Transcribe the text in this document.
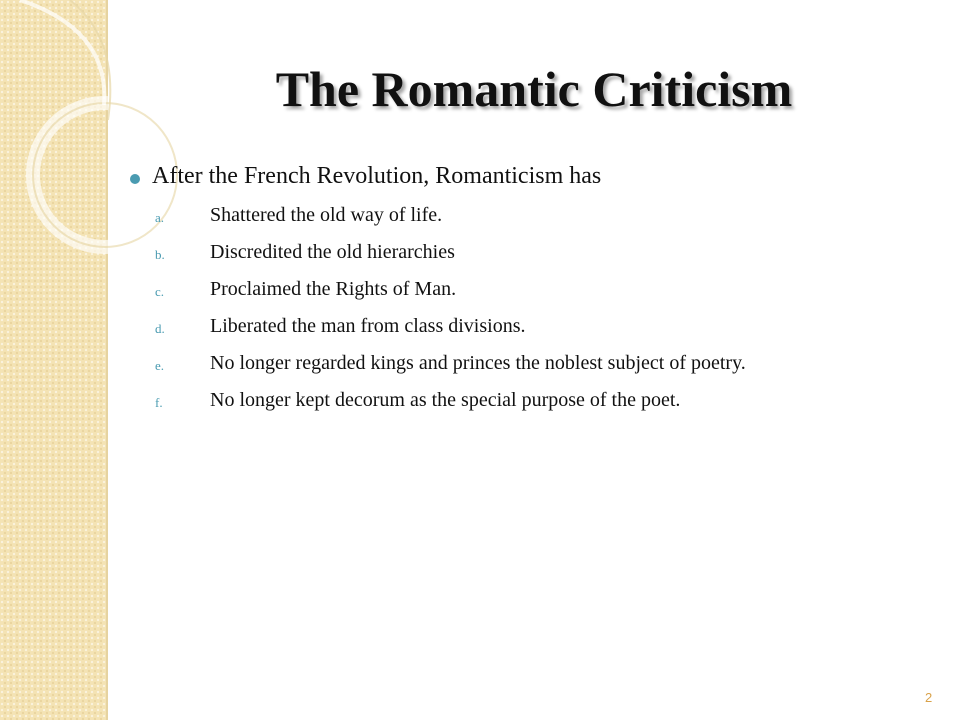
The Romantic Criticism
After the French Revolution, Romanticism has
a. Shattered the old way of life.
b. Discredited the old hierarchies
c. Proclaimed the Rights of Man.
d. Liberated the man from class divisions.
e. No longer regarded kings and princes the noblest subject of poetry.
f. No longer kept decorum as the special purpose of the poet.
2
